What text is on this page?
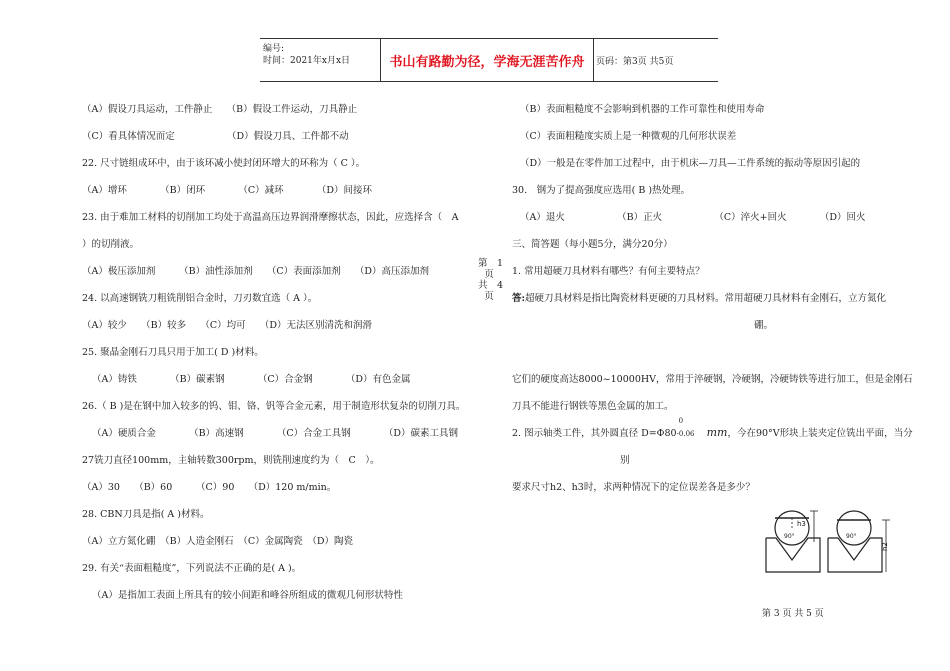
编号:
时间：2021年x月x日	书山有路勤为径，学海无涯苦作舟	页码：第3页 共5页
（A）假设刀具运动，工件静止　　（B）假设工件运动，刀具静止
（C）看具体情况而定　　　　　　（D）假设刀具、工件都不动
22. 尺寸链组成环中，由于该环减小使封闭环增大的环称为（ C ）。
（A）增环　　　　（B）闭环　　　　（C）减环　　　　（D）间接环
23. 由于难加工材料的切削加工均处于高温高压边界润滑摩擦状态，因此，应选择含（　A
）的切削液。
（A）极压添加剂　　　（B）油性添加剂　　（C）表面添加剂　　（D）高压添加剂
24. 以高速钢铣刀粗铣削铝合金时，刀刃数宜选（ A ）。
（A）较少　　（B）较多　　（C）均可　　（D）无法区别清洗和润滑
25. 聚晶金刚石刀具只用于加工( D )材料。
（A）铸铁　　　　（B）碳素钢　　　　（C）合金钢　　　　（D）有色金属
26.（ B )是在钢中加入较多的钨、钼、铬、钒等合金元素，用于制造形状复杂的切削刀具。
（A）硬质合金　　　　（B）高速钢　　　　（C）合金工具钢　　　　（D）碳素工具钢
27铣刀直径100mm，主轴转数300rpm，则铣削速度约为（　C　）。
（A）30　　（B）60　　　（C）90　　（D）120 m/min。
28. CBN刀具是指( A )材料。
（A）立方氮化硼　（B）人造金刚石　（C）金属陶瓷　（D）陶瓷
29. 有关“表面粗糙度”，下列说法不正确的是( A )。
（A）是指加工表面上所具有的较小间距和峰谷所组成的微观几何形状特性
第　1
页
共　4
页
（B）表面粗糙度不会影响到机器的工作可靠性和使用寿命
（C）表面粗糙度实质上是一种微观的几何形状误差
（D）一般是在零件加工过程中，由于机床—刀具—工件系统的振动等原因引起的
30.　钢为了提高强度应选用( B )热处理。
（A）退火　　　　　　（B）正火　　　　　　（C）淬火+回火　　　　（D）回火
三、简答题（每小题5分，满分20分）
1. 常用超硬刀具材料有哪些？有何主要特点？
答:超硬刀具材料是指比陶瓷材料更硬的刀具材料。常用超硬刀具材料有金刚石，立方氮化
硼。
它们的硬度高达8000~10000HV，常用于淬硬钢，冷硬钢，冷硬铸铁等进行加工，但是金刚石
刀具不能进行钢铁等黑色金属的加工。
2. 图示轴类工件，其外圆直径 D=Φ80
0
-0.06 mm，今在90°V形块上装夹定位铣出平面，当分
别
要求尺寸h2、h3时，求两种情况下的定位误差各是多少？
h3
90°
h2
90°
第 3 页 共 5 页
